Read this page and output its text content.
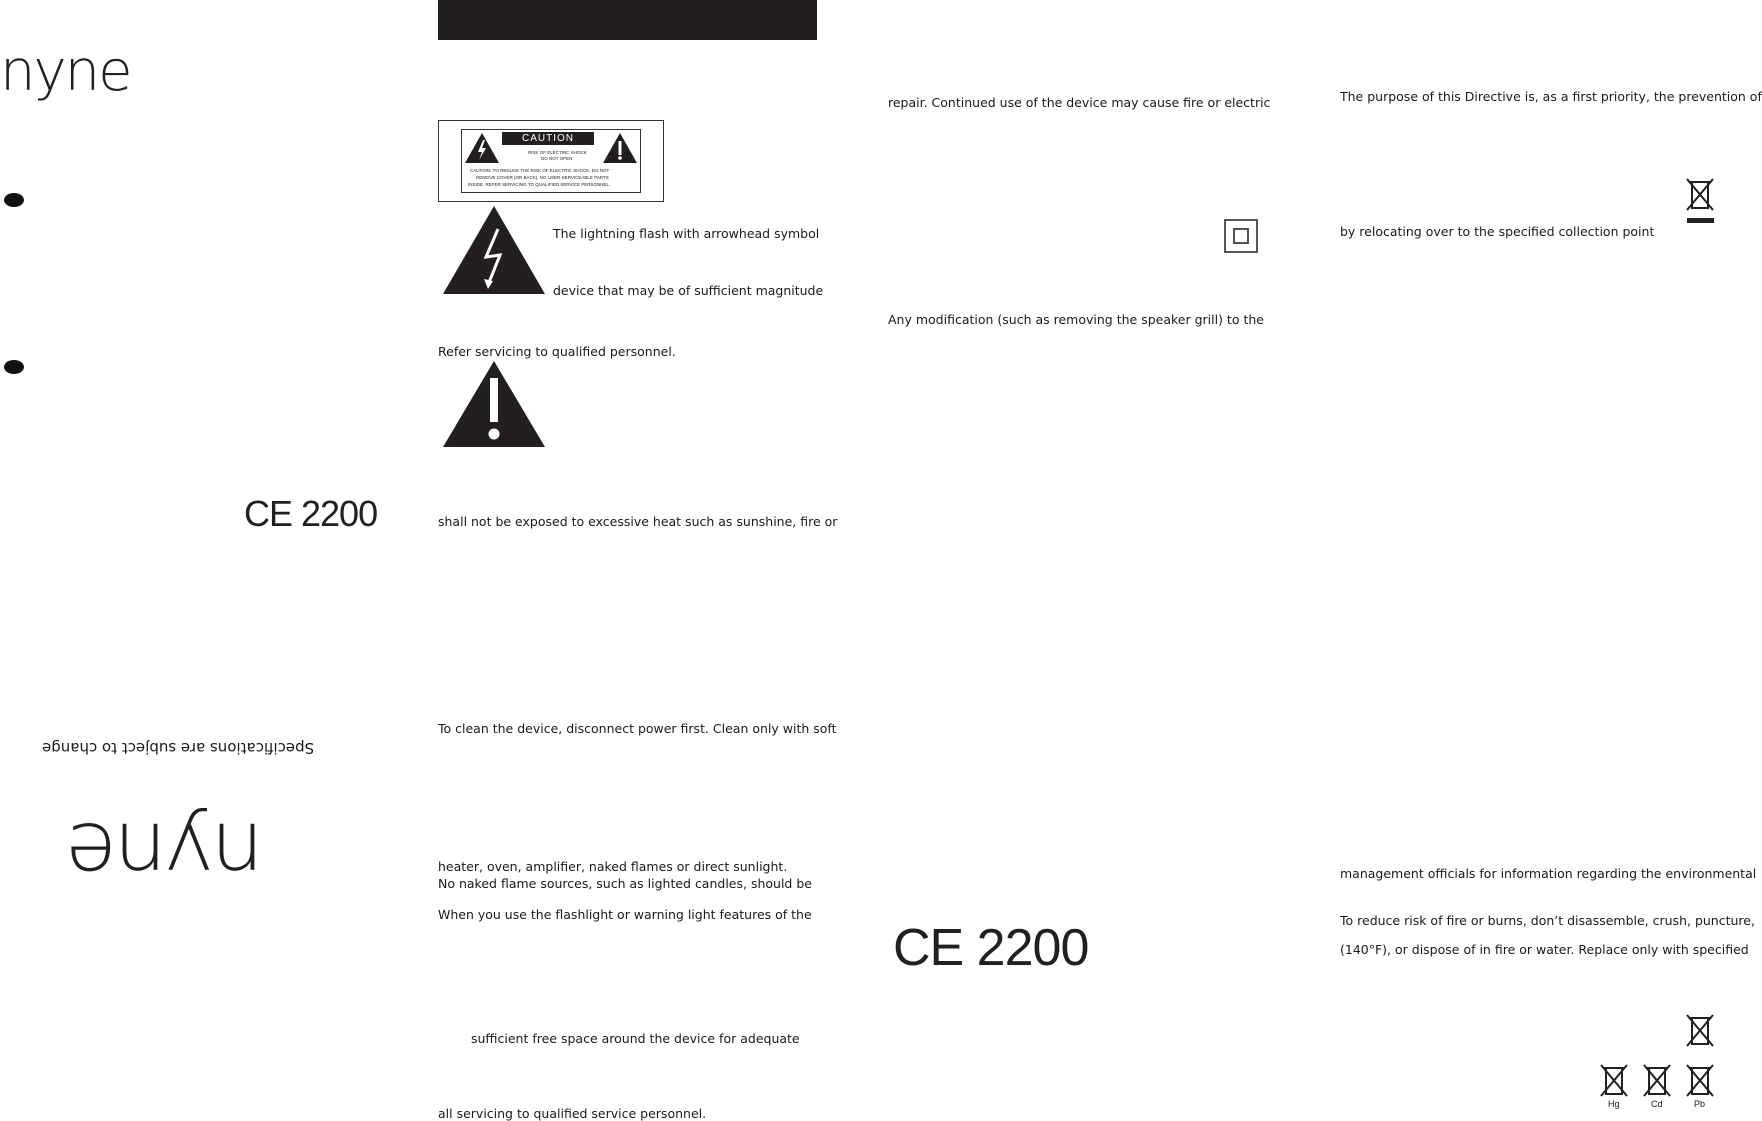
nyne
CE 2200
Specifications are subject to change
nyne
CAUTION
RISK OF ELECTRIC SHOCK
DO NOT OPEN
CAUTION: TO REDUCE THE RISK OF ELECTRIC SHOCK, DO NOT
REMOVE COVER (OR BACK). NO USER-SERVICEABLE PARTS
INSIDE. REFER SERVICING TO QUALIFIED SERVICE PERSONNEL.
The lightning flash with arrowhead symbol
device that may be of sufficient magnitude
Refer servicing to qualified personnel.
shall not be exposed to excessive heat such as sunshine, fire or
To clean the device, disconnect power first. Clean only with soft
heater, oven, amplifier, naked flames or direct sunlight.
No naked flame sources, such as lighted candles, should be
When you use the flashlight or warning light features of the
sufficient free space around the device for adequate
all servicing to qualified service personnel.
repair. Continued use of the device may cause fire or electric
Any modification (such as removing the speaker grill) to the
CE 2200
The purpose of this Directive is, as a first priority, the prevention of
by relocating over to the specified collection point
management officials for information regarding the environmental
To reduce risk of fire or burns, don’t disassemble, crush, puncture,
(140°F), or dispose of in fire or water. Replace only with specified
Hg	Cd	Pb
